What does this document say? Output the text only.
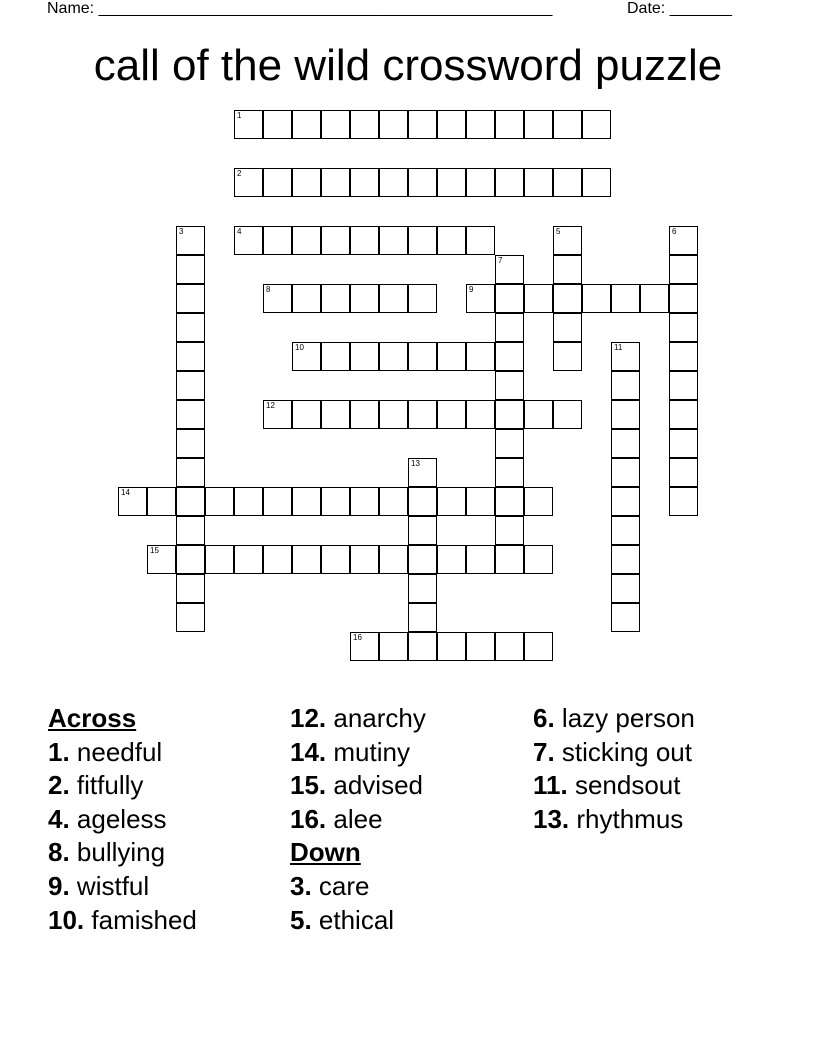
Name: ___________________________________________________	Date: _______
call of the wild crossword puzzle
1
2
4
8	9
10
12
14
15
16
3	5	6
7
11
13
Across
1. needful
2. fitfully
4. ageless
8. bullying
9. wistful
10. famished
12. anarchy
14. mutiny
15. advised
16. alee
Down
3. care
5. ethical
6. lazy person
7. sticking out
11. sendsout
13. rhythmus
